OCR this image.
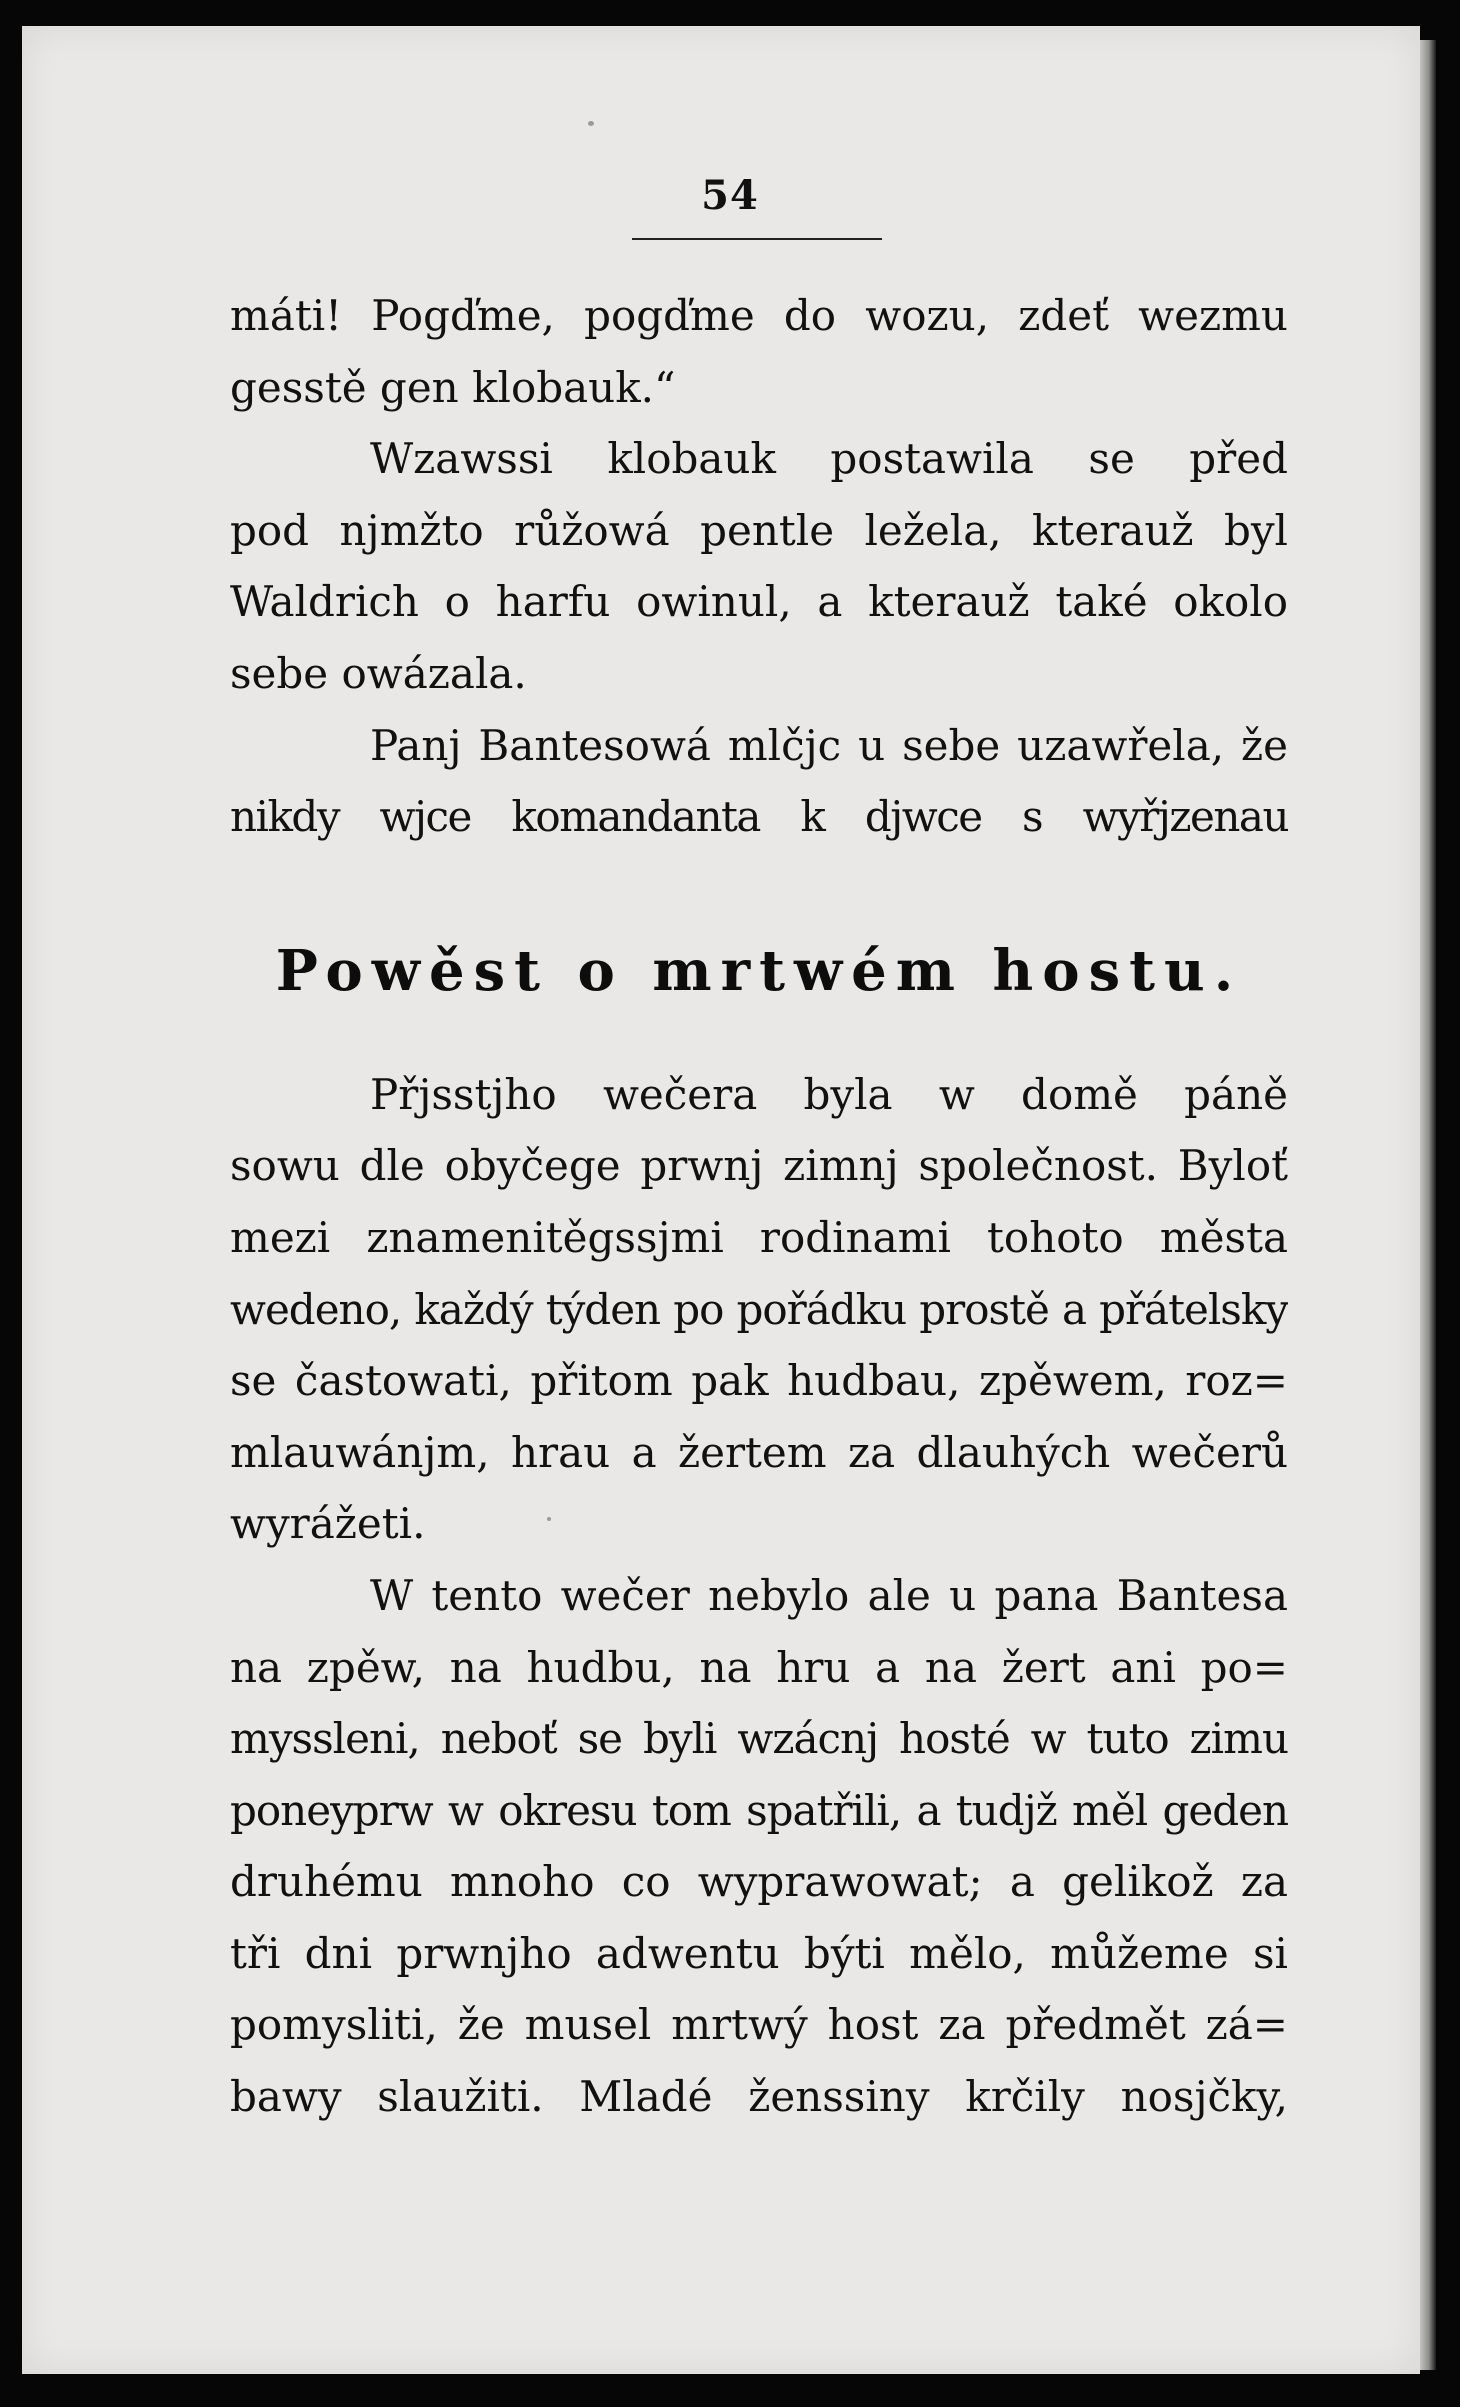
54
máti! Pogďme, pogďme do wozu, zdeť wezmu
gesstě gen klobauk.“
Wzawssi klobauk postawila se před
pod njmžto růžowá pentle ležela, kterauž byl
Waldrich o harfu owinul, a kterauž také okolo
sebe owázala.
Panj Bantesowá mlčjc u sebe uzawřela, že
nikdy wjce komandanta k djwce s wyřjzenau
Powěst o mrtwém hostu.
Přjsstjho wečera byla w domě páně
sowu dle obyčege prwnj zimnj společnost. Byloť
mezi znamenitěgssjmi rodinami tohoto města
wedeno, každý týden po pořádku prostě a přátelsky
se častowati, přitom pak hudbau, zpěwem, roz=
mlauwánjm, hrau a žertem za dlauhých wečerů
wyrážeti.
W tento wečer nebylo ale u pana Bantesa
na zpěw, na hudbu, na hru a na žert ani po=
myssleni, neboť se byli wzácnj hosté w tuto zimu
poneyprw w okresu tom spatřili, a tudjž měl geden
druhému mnoho co wyprawowat; a gelikož za
tři dni prwnjho adwentu býti mělo, můžeme si
pomysliti, že musel mrtwý host za předmět zá=
bawy slaužiti. Mladé ženssiny krčily nosjčky,
